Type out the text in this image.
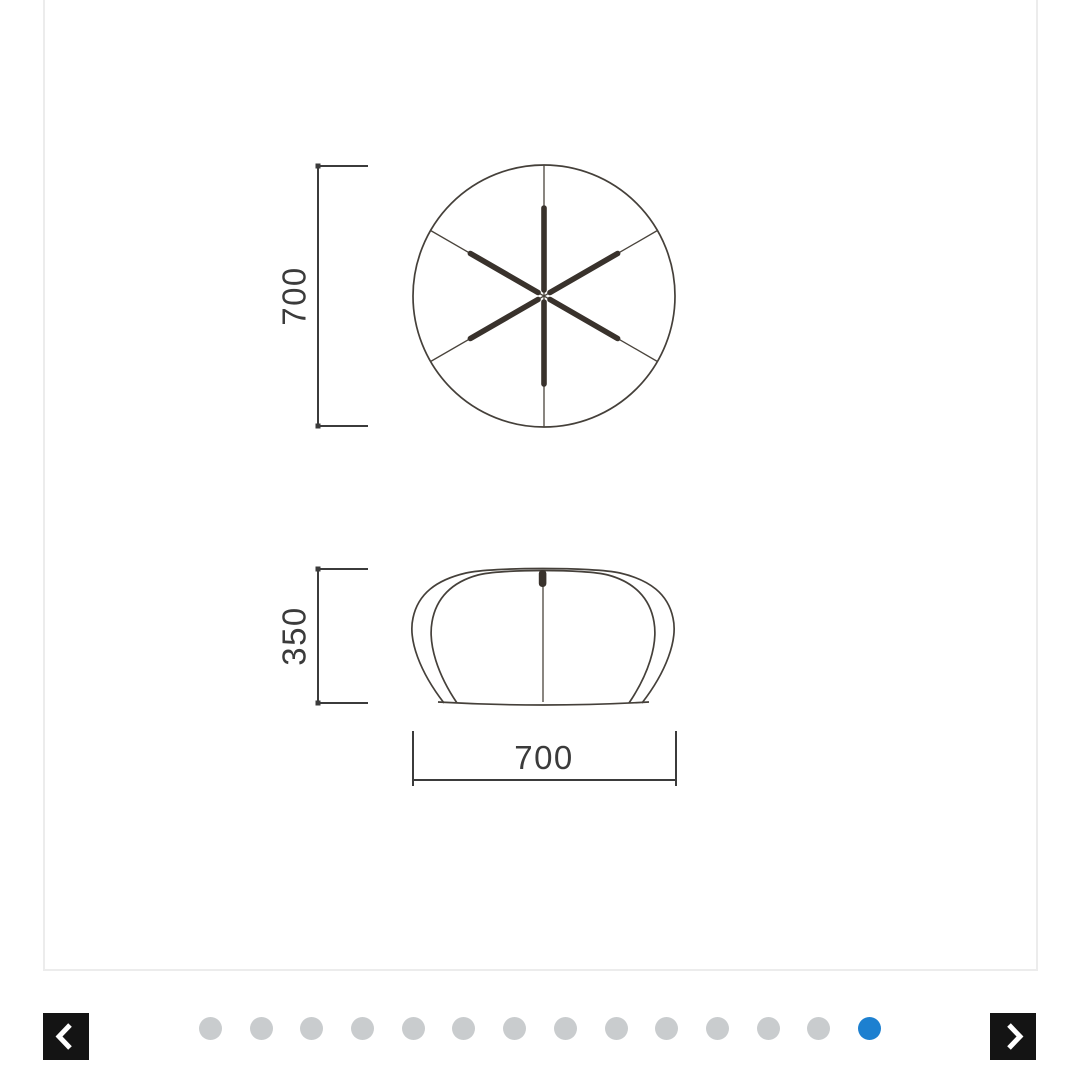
700
350
700
